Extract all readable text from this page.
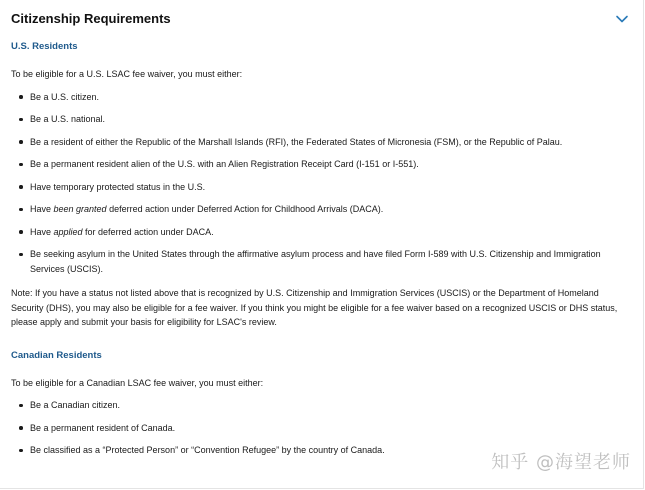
Citizenship Requirements

U.S. Residents

To be eligible for a U.S. LSAC fee waiver, you must either:

Be a U.S. citizen.
Be a U.S. national.
Be a resident of either the Republic of the Marshall Islands (RFI), the Federated States of Micronesia (FSM), or the Republic of Palau.
Be a permanent resident alien of the U.S. with an Alien Registration Receipt Card (I-151 or I-551).
Have temporary protected status in the U.S.
Have been granted deferred action under Deferred Action for Childhood Arrivals (DACA).
Have applied for deferred action under DACA.
Be seeking asylum in the United States through the affirmative asylum process and have filed Form I-589 with U.S. Citizenship and Immigration Services (USCIS).

Note: If you have a status not listed above that is recognized by U.S. Citizenship and Immigration Services (USCIS) or the Department of Homeland Security (DHS), you may also be eligible for a fee waiver. If you think you might be eligible for a fee waiver based on a recognized USCIS or DHS status, please apply and submit your basis for eligibility for LSAC's review.

Canadian Residents

To be eligible for a Canadian LSAC fee waiver, you must either:

Be a Canadian citizen.
Be a permanent resident of Canada.
Be classified as a “Protected Person” or “Convention Refugee” by the country of Canada.
知乎 @海望老师
